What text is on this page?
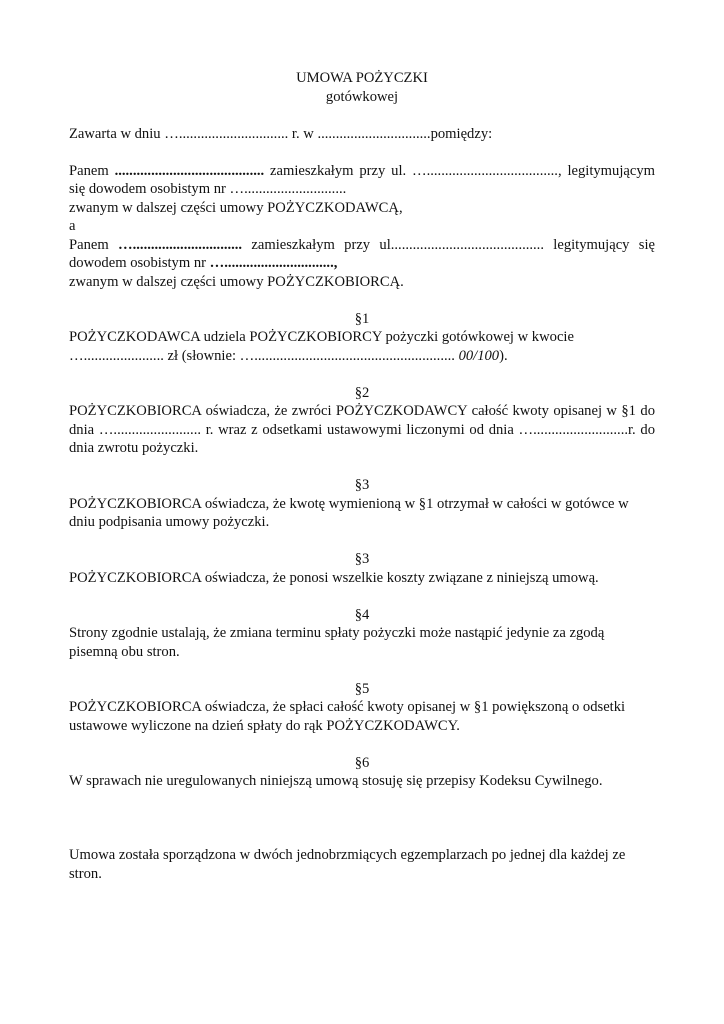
UMOWA POŻYCZKI

gotówkowej

Zawarta w dniu ….............................. r. w ...............................pomiędzy:

Panem ......................................... zamieszkałym przy ul. …...................................., legitymującym się dowodem osobistym nr …............................

zwanym w dalszej części umowy POŻYCZKODAWCĄ,

a

Panem ….............................. zamieszkałym przy ul.......................................... legitymujący się dowodem osobistym nr …..............................,

zwanym w dalszej części umowy POŻYCZKOBIORCĄ.

§1

POŻYCZKODAWCA udziela POŻYCZKOBIORCY pożyczki gotówkowej w kwocie …...................... zł (słownie: …....................................................... 00/100).

§2

POŻYCZKOBIORCA oświadcza, że zwróci POŻYCZKODAWCY całość kwoty opisanej w §1 do dnia …........................ r. wraz z odsetkami ustawowymi liczonymi od dnia …..........................r. do dnia zwrotu pożyczki.

§3

POŻYCZKOBIORCA oświadcza, że kwotę wymienioną w §1 otrzymał w całości w gotówce w dniu podpisania umowy pożyczki.

§3

POŻYCZKOBIORCA oświadcza, że ponosi wszelkie koszty związane z niniejszą umową.

§4

Strony zgodnie ustalają, że zmiana terminu spłaty pożyczki może nastąpić jedynie za zgodą pisemną obu stron.

§5

POŻYCZKOBIORCA oświadcza, że spłaci całość kwoty opisanej w §1 powiększoną o odsetki ustawowe wyliczone na dzień spłaty do rąk POŻYCZKODAWCY.

§6

W sprawach nie uregulowanych niniejszą umową stosuję się przepisy Kodeksu Cywilnego.

Umowa została sporządzona w dwóch jednobrzmiących egzemplarzach po jednej dla każdej ze stron.
